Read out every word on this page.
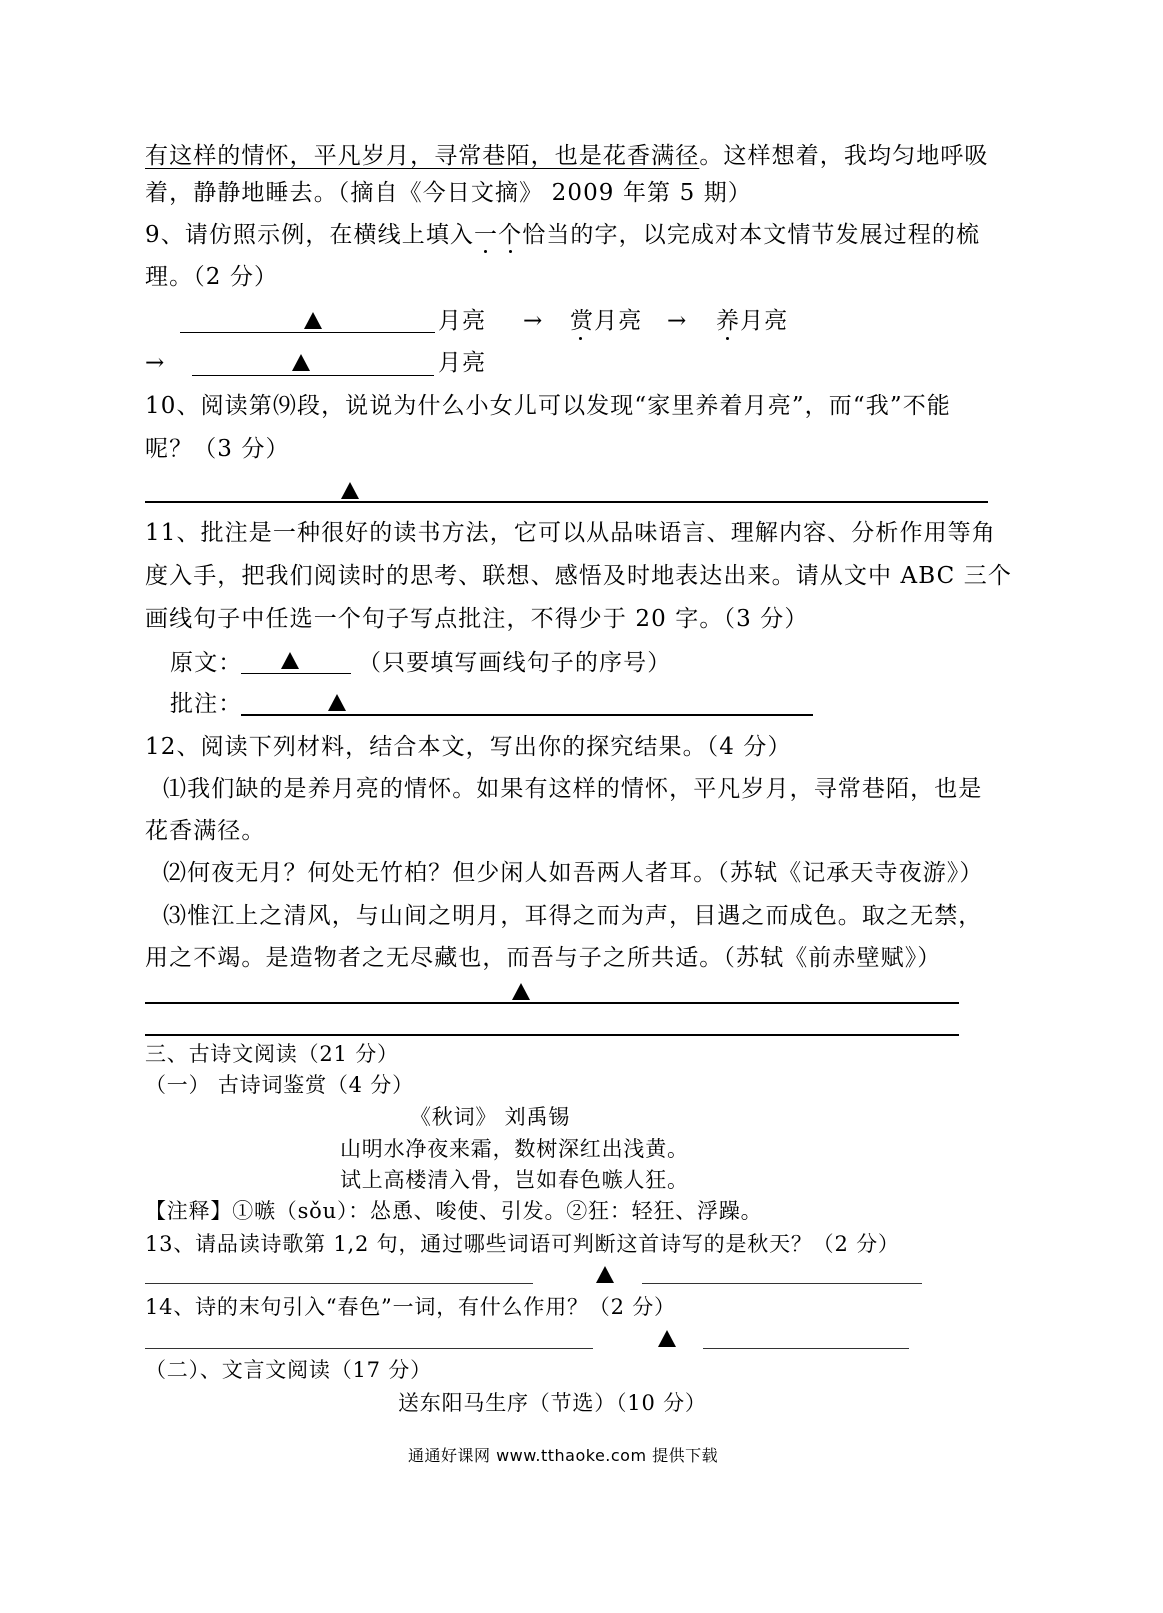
有这样的情怀，平凡岁月，寻常巷陌，也是花香满径。这样想着，我均匀地呼吸
着，静静地睡去。（摘自《今日文摘》 2009 年第 5 期）
9、请仿照示例，在横线上填入一个恰当的字，以完成对本文情节发展过程的梳
理。（2 分）
月亮 → 赏月亮 → 养月亮
→	月亮
10、阅读第⑼段，说说为什么小女儿可以发现“家里养着月亮”，而“我”不能
呢？（3 分）
11、批注是一种很好的读书方法，它可以从品味语言、理解内容、分析作用等角
度入手，把我们阅读时的思考、联想、感悟及时地表达出来。请从文中 ABC 三个
画线句子中任选一个句子写点批注，不得少于 20 字。（3 分）
原文：	（只要填写画线句子的序号）
批注：
12、阅读下列材料，结合本文，写出你的探究结果。（4 分）
⑴我们缺的是养月亮的情怀。如果有这样的情怀，平凡岁月，寻常巷陌，也是
花香满径。
⑵何夜无月？何处无竹柏？但少闲人如吾两人者耳。（苏轼《记承天寺夜游》）
⑶惟江上之清风，与山间之明月，耳得之而为声，目遇之而成色。取之无禁，
用之不竭。是造物者之无尽藏也，而吾与子之所共适。（苏轼《前赤壁赋》）
三、古诗文阅读（21 分）
（一） 古诗词鉴赏（4 分）
《秋词》 刘禹锡
山明水净夜来霜，数树深红出浅黄。
试上高楼清入骨，岂如春色嗾人狂。
【注释】①嗾（sǒu）：怂恿、唆使、引发。②狂：轻狂、浮躁。
13、请品读诗歌第 1,2 句，通过哪些词语可判断这首诗写的是秋天？（2 分）
14、诗的末句引入“春色”一词，有什么作用？（2 分）
（二）、文言文阅读（17 分）
送东阳马生序（节选）（10 分）
通通好课网 www.tthaoke.com 提供下载
